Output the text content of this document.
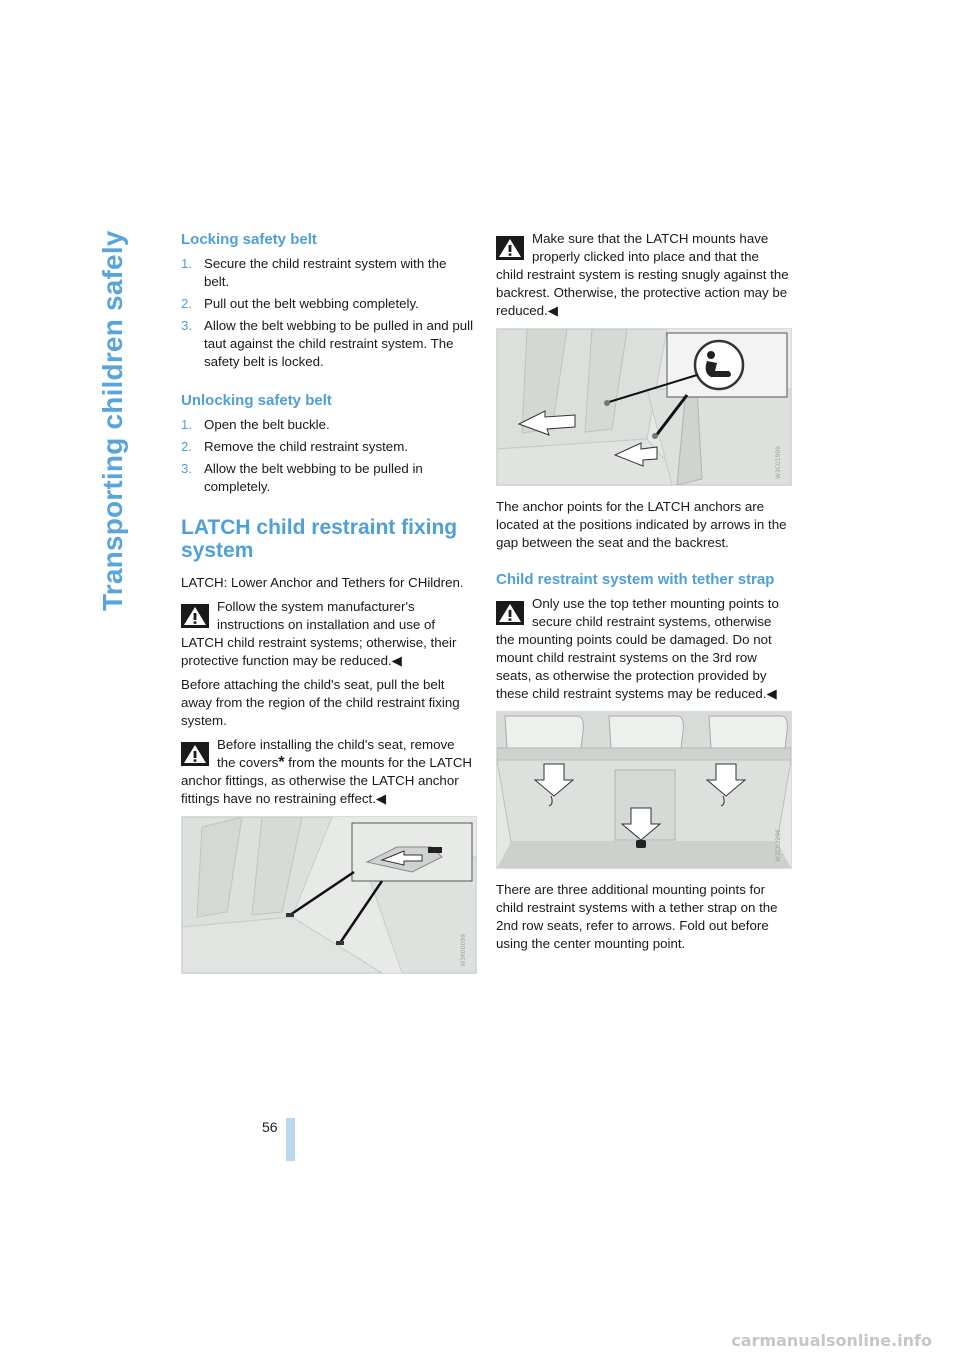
Transporting children safely	Locking safety belt
1. Secure the child restraint system with the belt.
2. Pull out the belt webbing completely.
3. Allow the belt webbing to be pulled in and pull taut against the child restraint system. The safety belt is locked.
Unlocking safety belt
1. Open the belt buckle.
2. Remove the child restraint system.
3. Allow the belt webbing to be pulled in completely.
LATCH child restraint fixing system

LATCH: Lower Anchor and Tethers for CHildren.

Follow the system manufacturer's instructions on installation and use of LATCH child restraint systems; otherwise, their protective function may be reduced.◀

Before attaching the child's seat, pull the belt away from the region of the child restraint fixing system.

Before installing the child's seat, remove the covers* from the mounts for the LATCH anchor fittings, as otherwise the LATCH anchor fittings have no restraining effect.◀
W3K00099
Make sure that the LATCH mounts have properly clicked into place and that the child restraint system is resting snugly against the backrest. Otherwise, the protective action may be reduced.◀
W3C01999

The anchor points for the LATCH anchors are located at the positions indicated by arrows in the gap between the seat and the backrest.

Child restraint system with tether strap
Only use the top tether mounting points to secure child restraint systems, otherwise the mounting points could be damaged. Do not mount child restraint systems on the 3rd row seats, as otherwise the protection provided by these child restraint systems may be reduced.◀
W3C02296

There are three additional mounting points for child restraint systems with a tether strap on the 2nd row seats, refer to arrows. Fold out before using the center mounting point.

56
carmanualsonline.info
